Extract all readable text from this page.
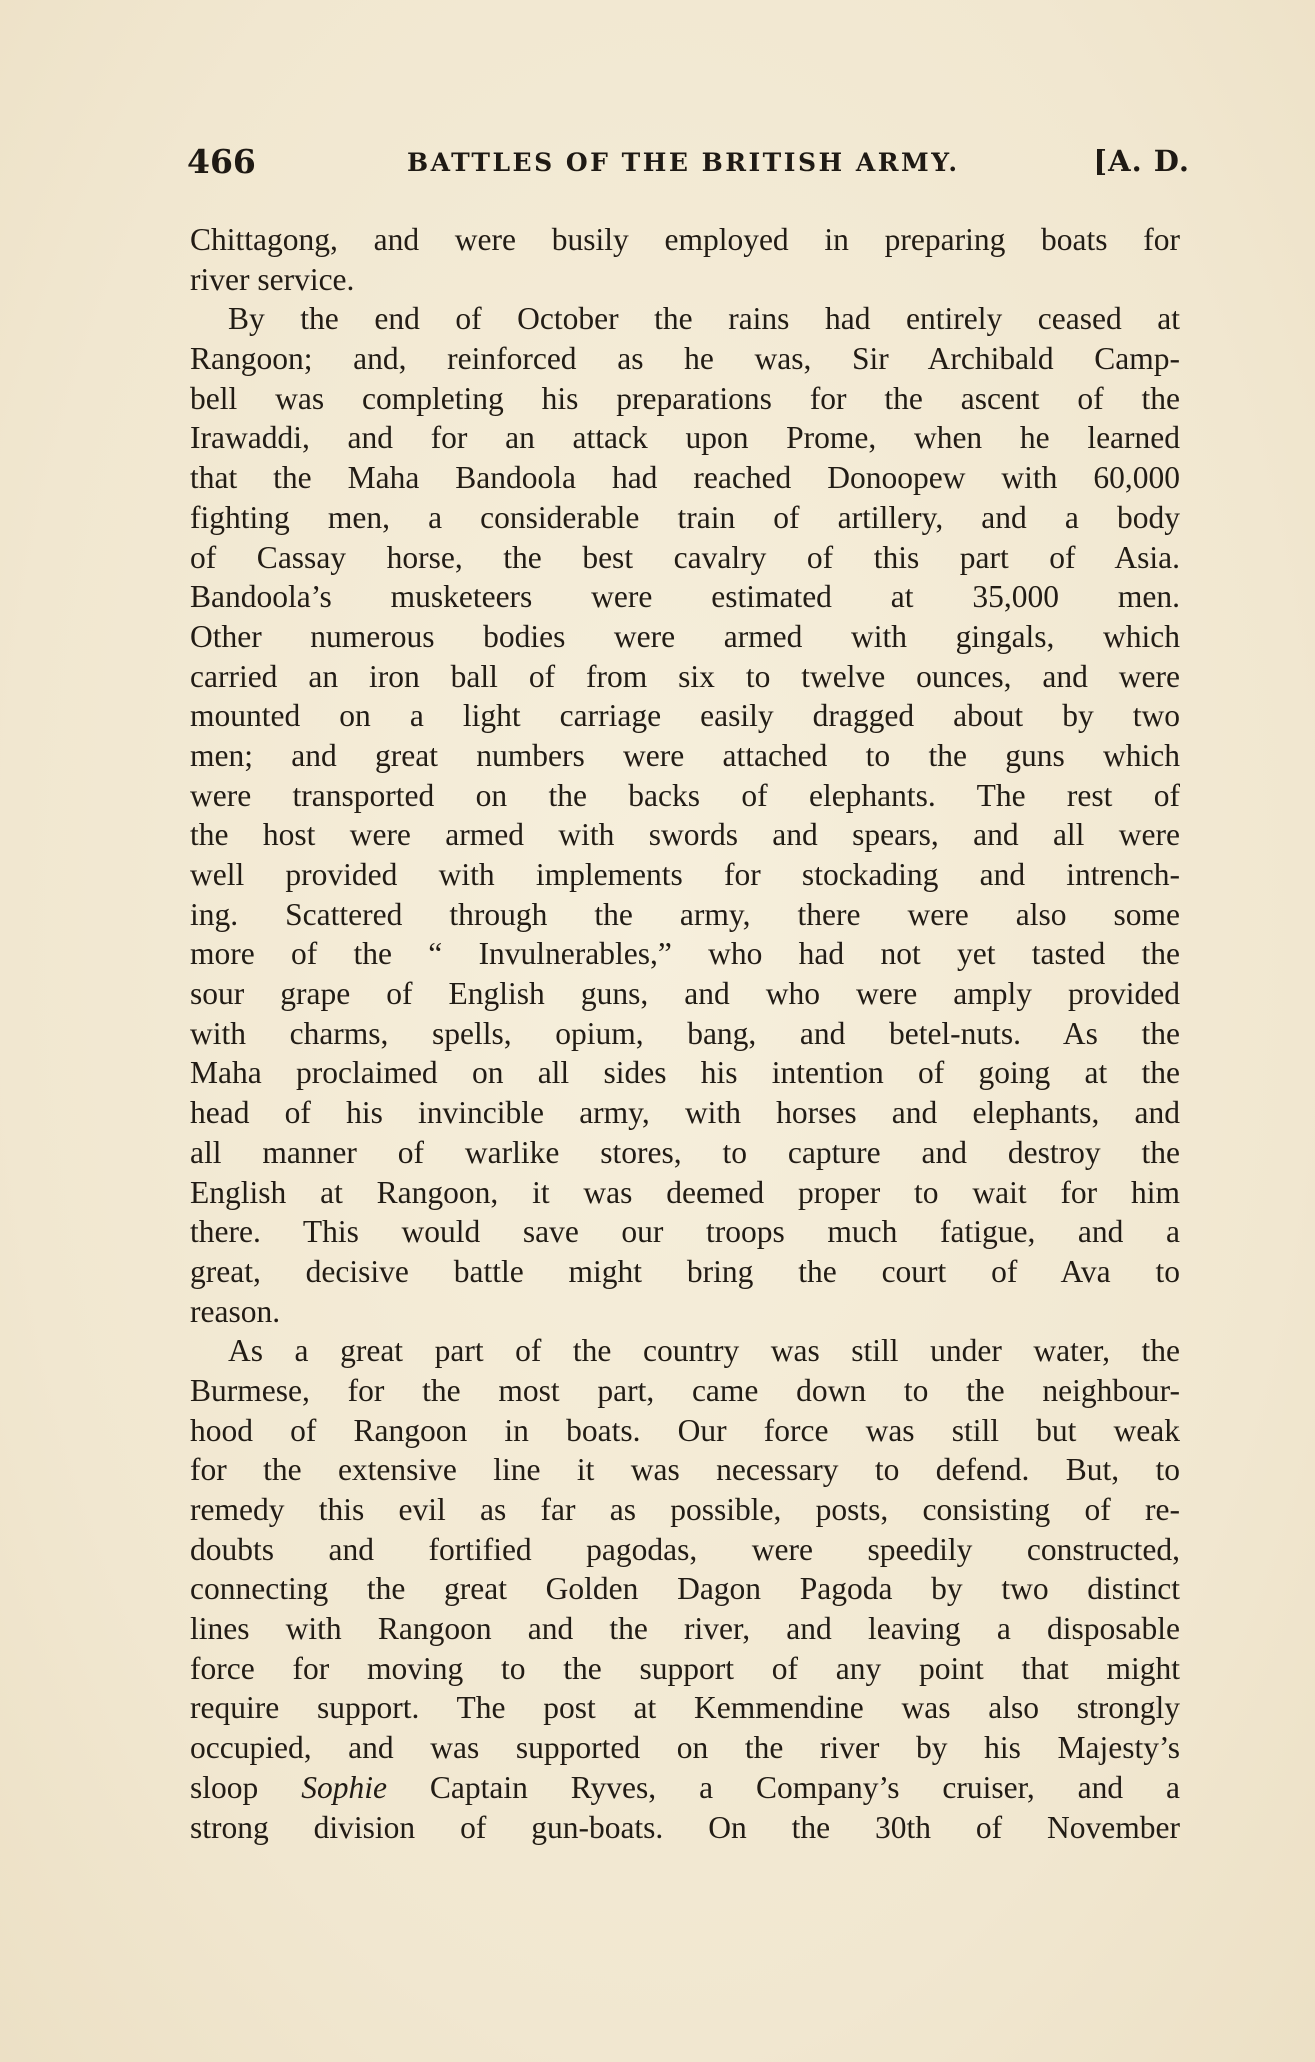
466	BATTLES OF THE BRITISH ARMY.	[A. D.
Chittagong, and were busily employed in preparing boats for
river service.
By the end of October the rains had entirely ceased at
Rangoon; and, reinforced as he was, Sir Archibald Camp-
bell was completing his preparations for the ascent of the
Irawaddi, and for an attack upon Prome, when he learned
that the Maha Bandoola had reached Donoopew with 60,000
fighting men, a considerable train of artillery, and a body
of Cassay horse, the best cavalry of this part of Asia.
Bandoola’s musketeers were estimated at 35,000 men.
Other numerous bodies were armed with gingals, which
carried an iron ball of from six to twelve ounces, and were
mounted on a light carriage easily dragged about by two
men; and great numbers were attached to the guns which
were transported on the backs of elephants. The rest of
the host were armed with swords and spears, and all were
well provided with implements for stockading and intrench-
ing. Scattered through the army, there were also some
more of the “ Invulnerables,” who had not yet tasted the
sour grape of English guns, and who were amply provided
with charms, spells, opium, bang, and betel-nuts. As the
Maha proclaimed on all sides his intention of going at the
head of his invincible army, with horses and elephants, and
all manner of warlike stores, to capture and destroy the
English at Rangoon, it was deemed proper to wait for him
there. This would save our troops much fatigue, and a
great, decisive battle might bring the court of Ava to
reason.
As a great part of the country was still under water, the
Burmese, for the most part, came down to the neighbour-
hood of Rangoon in boats. Our force was still but weak
for the extensive line it was necessary to defend. But, to
remedy this evil as far as possible, posts, consisting of re-
doubts and fortified pagodas, were speedily constructed,
connecting the great Golden Dagon Pagoda by two distinct
lines with Rangoon and the river, and leaving a disposable
force for moving to the support of any point that might
require support. The post at Kemmendine was also strongly
occupied, and was supported on the river by his Majesty’s
sloop Sophie Captain Ryves, a Company’s cruiser, and a
strong division of gun-boats. On the 30th of November
